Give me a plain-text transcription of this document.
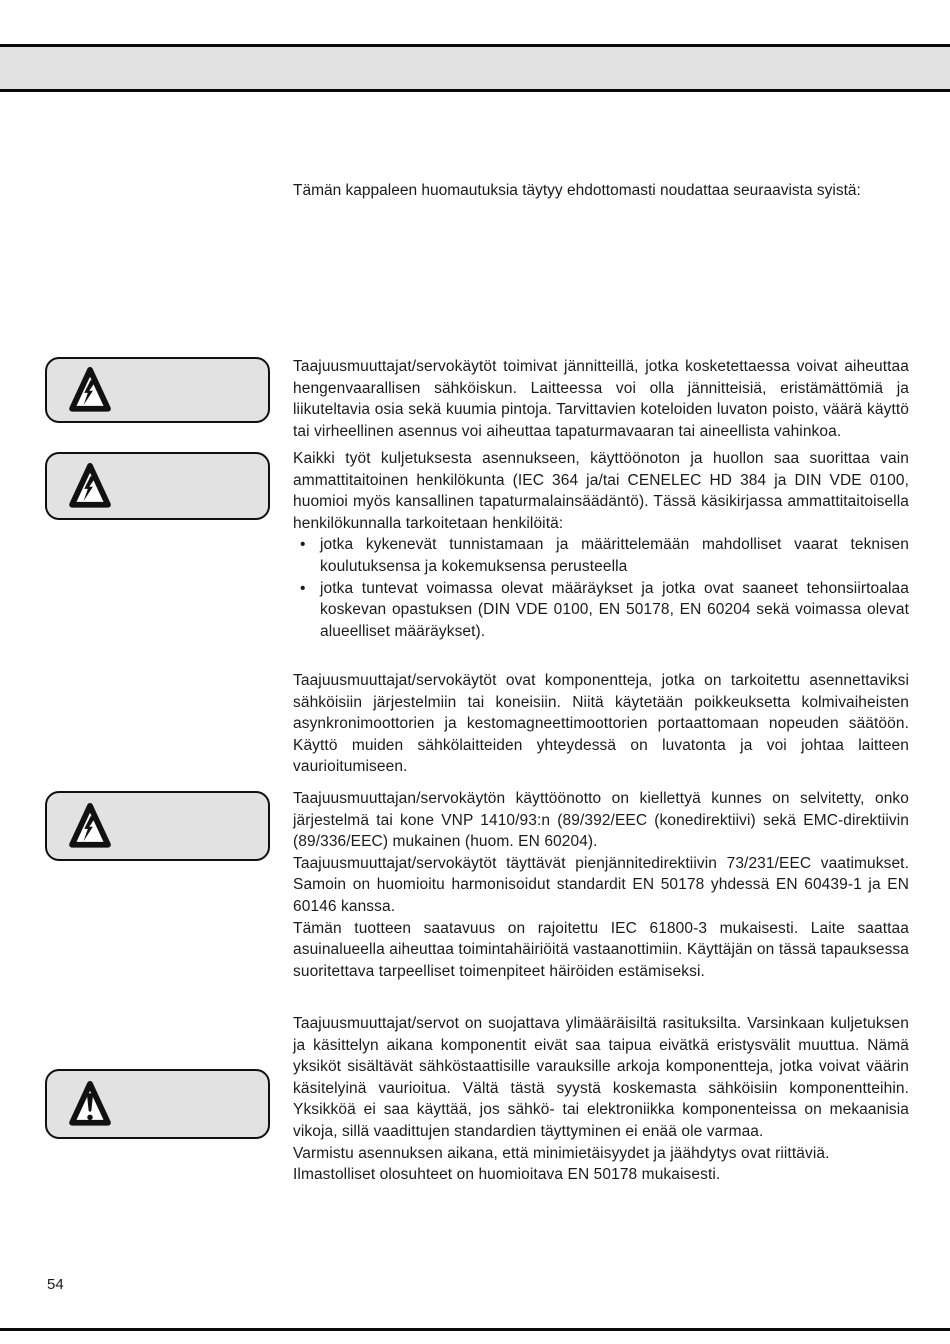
Tämän kappaleen huomautuksia täytyy ehdottomasti noudattaa seuraavista syistä:

Taajuusmuuttajat/servokäytöt toimivat jännitteillä, jotka kosketettaessa voivat aiheuttaa hengenvaarallisen sähköiskun. Laitteessa voi olla jännitteisiä, eristämättömiä ja liikuteltavia osia sekä kuumia pintoja. Tarvittavien koteloiden luvaton poisto, väärä käyttö tai virheellinen asennus voi aiheuttaa tapaturmavaaran tai aineellista vahinkoa.

Kaikki työt kuljetuksesta asennukseen, käyttöönoton ja huollon saa suorittaa vain ammattitaitoinen henkilökunta (IEC 364 ja/tai CENELEC HD 384 ja DIN VDE 0100, huomioi myös kansallinen tapaturmalainsäädäntö). Tässä käsikirjassa ammattitaitoisella henkilökunnalla tarkoitetaan henkilöitä:

• jotka kykenevät tunnistamaan ja määrittelemään mahdolliset vaarat teknisen koulutuksensa ja kokemuksensa perusteella
• jotka tuntevat voimassa olevat määräykset ja jotka ovat saaneet tehonsiirtoalaa koskevan opastuksen (DIN VDE 0100, EN 50178, EN 60204 sekä voimassa olevat alueelliset määräykset).

Taajuusmuuttajat/servokäytöt ovat komponentteja, jotka on tarkoitettu asennettaviksi sähköisiin järjestelmiin tai koneisiin. Niitä käytetään poikkeuksetta kolmivaiheisten asynkronimoottorien ja kestomagneettimoottorien portaattomaan nopeuden säätöön. Käyttö muiden sähkölaitteiden yhteydessä on luvatonta ja voi johtaa laitteen vaurioitumiseen.

Taajuusmuuttajan/servokäytön käyttöönotto on kiellettyä kunnes on selvitetty, onko järjestelmä tai kone VNP 1410/93:n (89/392/EEC (konedirektiivi) sekä EMC-direktiivin (89/336/EEC) mukainen (huom. EN 60204).

Taajuusmuuttajat/servokäytöt täyttävät pienjännitedirektiivin 73/231/EEC vaatimukset. Samoin on huomioitu harmonisoidut standardit EN 50178 yhdessä EN 60439-1 ja EN 60146 kanssa.

Tämän tuotteen saatavuus on rajoitettu IEC 61800-3 mukaisesti. Laite saattaa asuinalueella aiheuttaa toimintahäiriöitä vastaanottimiin. Käyttäjän on tässä tapauksessa suoritettava tarpeelliset toimenpiteet häiröiden estämiseksi.

Taajuusmuuttajat/servot on suojattava ylimääräisiltä rasituksilta. Varsinkaan kuljetuksen ja käsittelyn aikana komponentit eivät saa taipua eivätkä eristysvälit muuttua. Nämä yksiköt sisältävät sähköstaattisille varauksille arkoja komponentteja, jotka voivat väärin käsitelyinä vaurioitua. Vältä tästä syystä koskemasta sähköisiin komponentteihin. Yksikköä ei saa käyttää, jos sähkö- tai elektroniikka komponenteissa on mekaanisia vikoja, sillä vaadittujen standardien täyttyminen ei enää ole varmaa.

Varmistu asennuksen aikana, että minimietäisyydet ja jäähdytys ovat riittäviä.

Ilmastolliset olosuhteet on huomioitava EN 50178 mukaisesti.

54
